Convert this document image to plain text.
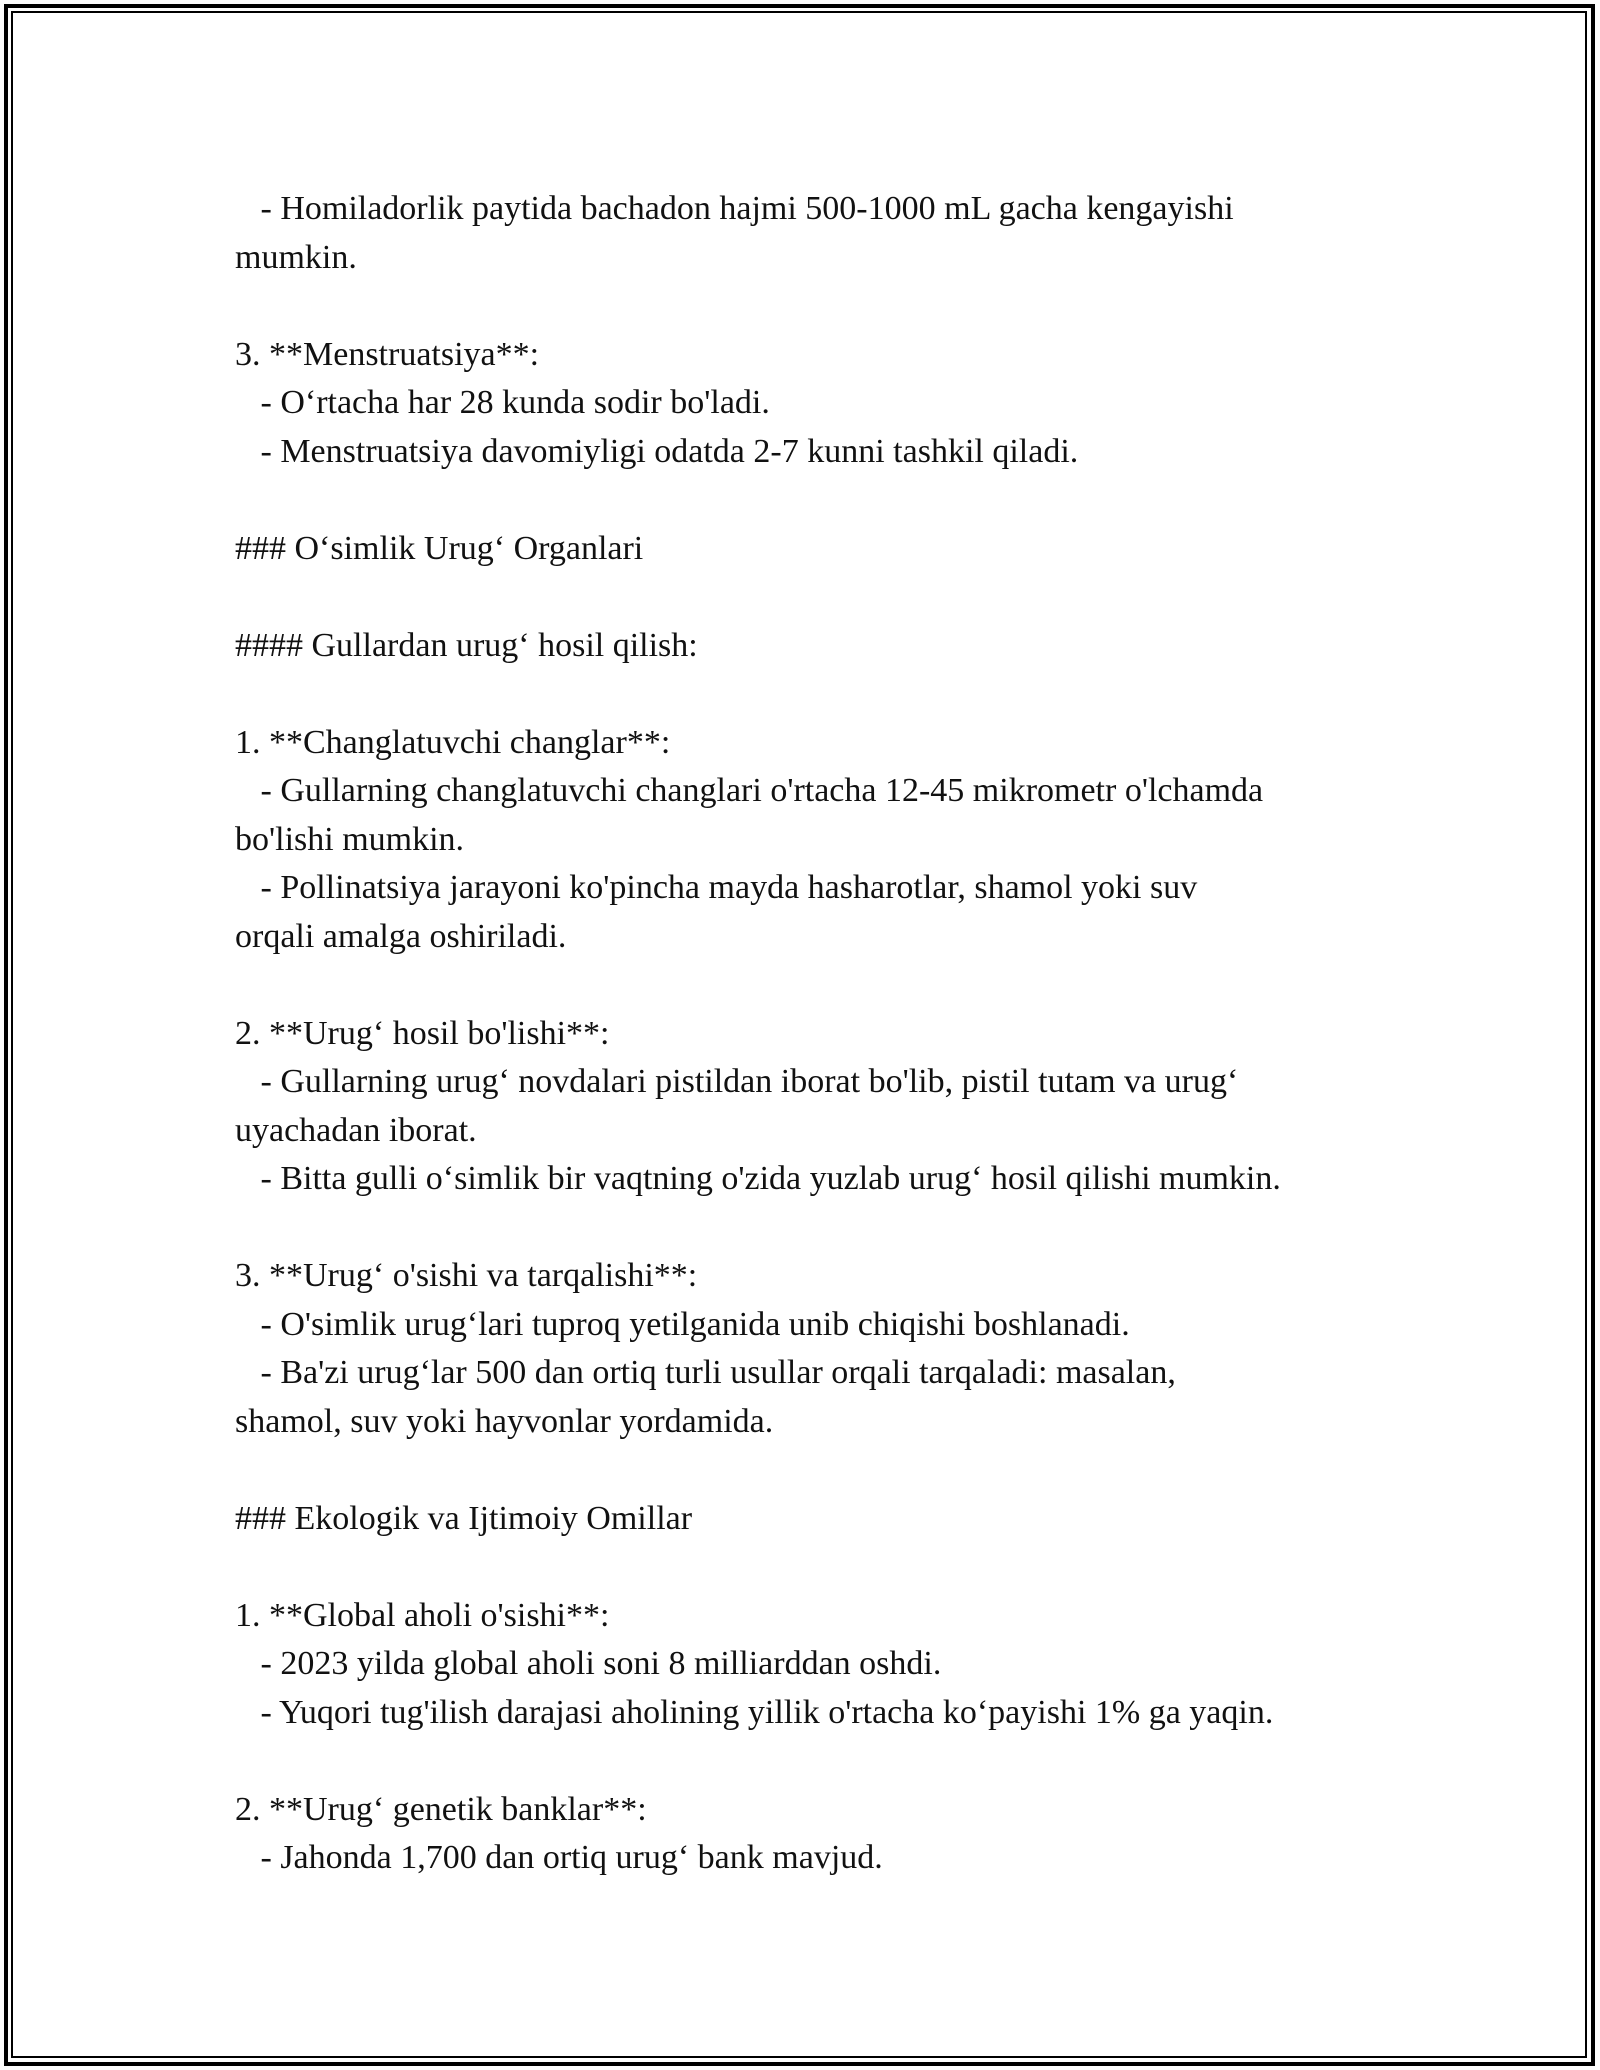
- Homiladorlik paytida bachadon hajmi 500-1000 mL gacha kengayishi
mumkin.
3. **Menstruatsiya**:
- O‘rtacha har 28 kunda sodir bo'ladi.
- Menstruatsiya davomiyligi odatda 2-7 kunni tashkil qiladi.
### O‘simlik Urug‘ Organlari
#### Gullardan urug‘ hosil qilish:
1. **Changlatuvchi changlar**:
- Gullarning changlatuvchi changlari o'rtacha 12-45 mikrometr o'lchamda
bo'lishi mumkin.
- Pollinatsiya jarayoni ko'pincha mayda hasharotlar, shamol yoki suv
orqali amalga oshiriladi.
2. **Urug‘ hosil bo'lishi**:
- Gullarning urug‘ novdalari pistildan iborat bo'lib, pistil tutam va urug‘
uyachadan iborat.
- Bitta gulli o‘simlik bir vaqtning o'zida yuzlab urug‘ hosil qilishi mumkin.
3. **Urug‘ o'sishi va tarqalishi**:
- O'simlik urug‘lari tuproq yetilganida unib chiqishi boshlanadi.
- Ba'zi urug‘lar 500 dan ortiq turli usullar orqali tarqaladi: masalan,
shamol, suv yoki hayvonlar yordamida.
### Ekologik va Ijtimoiy Omillar
1. **Global aholi o'sishi**:
- 2023 yilda global aholi soni 8 milliarddan oshdi.
- Yuqori tug'ilish darajasi aholining yillik o'rtacha ko‘payishi 1% ga yaqin.
2. **Urug‘ genetik banklar**:
- Jahonda 1,700 dan ortiq urug‘ bank mavjud.
